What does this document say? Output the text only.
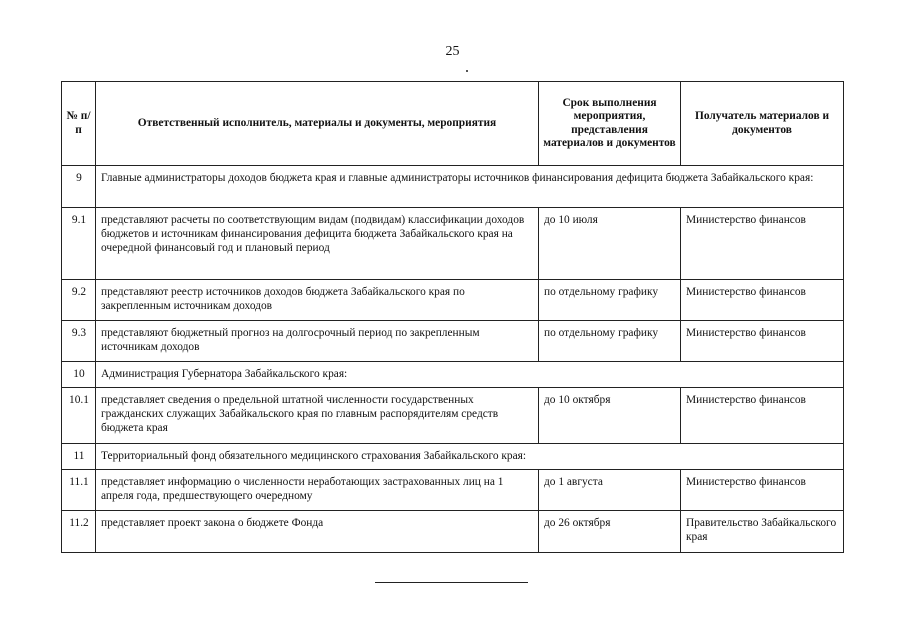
25
№ п/п	Ответственный исполнитель, материалы и документы, мероприятия	Срок выполнения мероприятия, представления материалов и документов	Получатель материалов и документов
9	Главные администраторы доходов бюджета края и главные администраторы источников финансирования дефицита бюджета Забайкальского края:		
9.1	представляют расчеты по соответствующим видам (подвидам) классификации доходов бюджетов и источникам финансирования дефицита бюджета Забайкальского края на очередной финансовый год и плановый период	до 10 июля	Министерство финансов
9.2	представляют реестр источников доходов бюджета Забайкальского края по закрепленным источникам доходов	по отдельному графику	Министерство финансов
9.3	представляют бюджетный прогноз на долгосрочный период по закрепленным источникам доходов	по отдельному графику	Министерство финансов
10	Администрация Губернатора Забайкальского края:		
10.1	представляет сведения о предельной штатной численности государственных гражданских служащих Забайкальского края по главным распорядителям средств бюджета края	до 10 октября	Министерство финансов
11	Территориальный фонд обязательного медицинского страхования Забайкальского края:		
11.1	представляет информацию о численности неработающих застрахованных лиц на 1 апреля года, предшествующего очередному	до 1 августа	Министерство финансов
11.2	представляет проект закона о бюджете Фонда	до 26 октября	Правительство Забайкальского края
